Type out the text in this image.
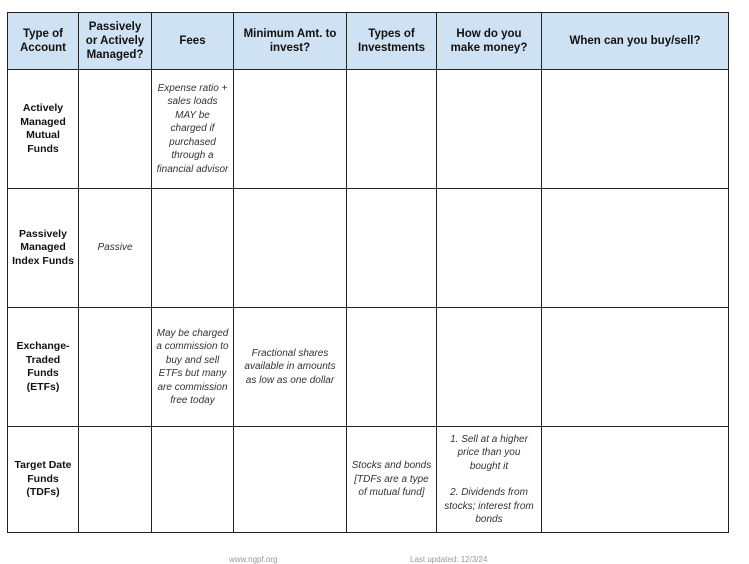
Type of Account	Passively or Actively Managed?	Fees	Minimum Amt. to invest?	Types of Investments	How do you make money?	When can you buy/sell?
Actively Managed Mutual Funds		Expense ratio + sales loads MAY be charged if purchased through a financial advisor				
Passively Managed Index Funds	Passive					
Exchange-Traded Funds (ETFs)		May be charged a commission to buy and sell ETFs but many are commission free today	Fractional shares available in amounts as low as one dollar			
Target Date Funds (TDFs)				Stocks and bonds [TDFs are a type of mutual fund]	1. Sell at a higher price than you bought it
2. Dividends from stocks; interest from bonds	
www.ngpf.org	Last updated: 12/3/24
